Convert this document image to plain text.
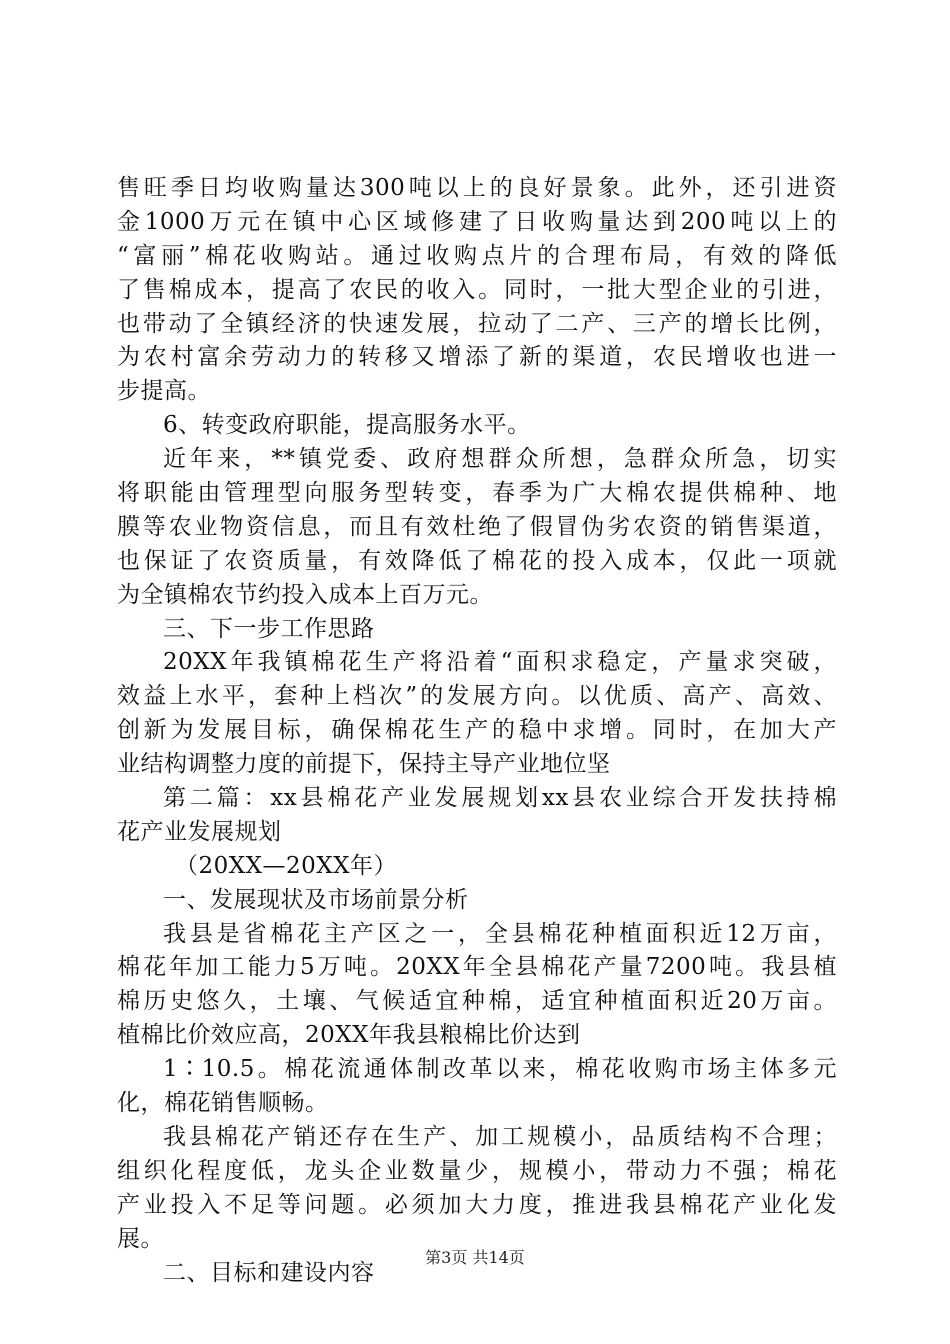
售旺季日均收购量达300吨以上的良好景象。此外，还引进资
金1000万元在镇中心区域修建了日收购量达到200吨以上的
“富丽”棉花收购站。通过收购点片的合理布局，有效的降低
了售棉成本，提高了农民的收入。同时，一批大型企业的引进，
也带动了全镇经济的快速发展，拉动了二产、三产的增长比例，
为农村富余劳动力的转移又增添了新的渠道，农民增收也进一
步提高。
6、转变政府职能，提高服务水平。
近年来，**镇党委、政府想群众所想，急群众所急，切实
将职能由管理型向服务型转变，春季为广大棉农提供棉种、地
膜等农业物资信息，而且有效杜绝了假冒伪劣农资的销售渠道，
也保证了农资质量，有效降低了棉花的投入成本，仅此一项就
为全镇棉农节约投入成本上百万元。
三、下一步工作思路
20XX年我镇棉花生产将沿着“面积求稳定，产量求突破，
效益上水平，套种上档次”的发展方向。以优质、高产、高效、
创新为发展目标，确保棉花生产的稳中求增。同时，在加大产
业结构调整力度的前提下，保持主导产业地位坚
第二篇：xx县棉花产业发展规划xx县农业综合开发扶持棉
花产业发展规划
（20XX—20XX年）
一、发展现状及市场前景分析
我县是省棉花主产区之一，全县棉花种植面积近12万亩，
棉花年加工能力5万吨。20XX年全县棉花产量7200吨。我县植
棉历史悠久，土壤、气候适宜种棉，适宜种植面积近20万亩。
植棉比价效应高，20XX年我县粮棉比价达到
1∶10.5。棉花流通体制改革以来，棉花收购市场主体多元
化，棉花销售顺畅。
我县棉花产销还存在生产、加工规模小，品质结构不合理；
组织化程度低，龙头企业数量少，规模小，带动力不强；棉花
产业投入不足等问题。必须加大力度，推进我县棉花产业化发
展。
二、目标和建设内容
第3页 共14页
